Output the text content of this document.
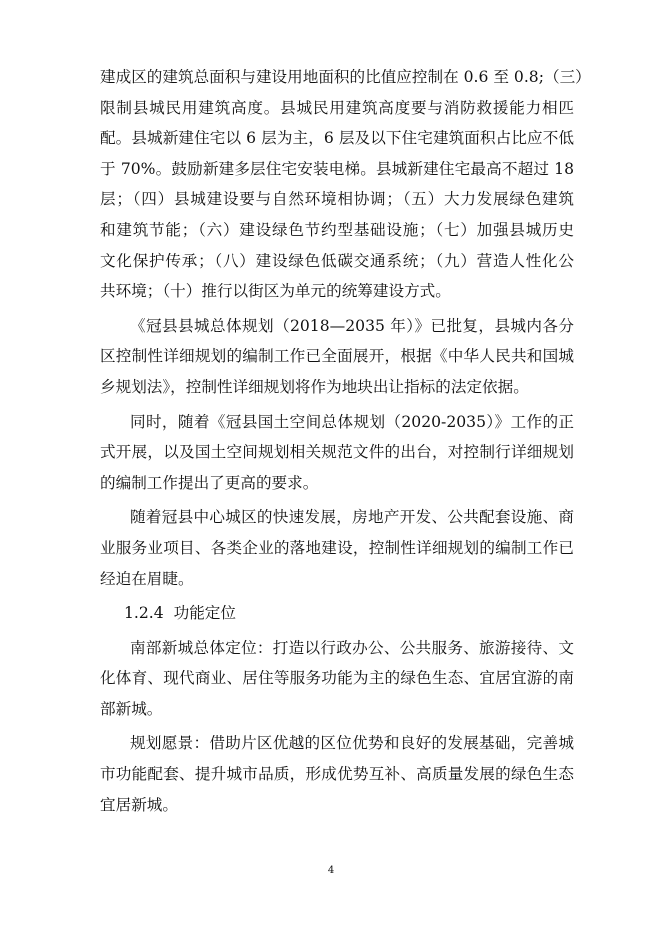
建成区的建筑总面积与建设用地面积的比值应控制在 0.6 至 0.8;（三）
限制县城民用建筑高度。县城民用建筑高度要与消防救援能力相匹
配。县城新建住宅以 6 层为主，6 层及以下住宅建筑面积占比应不低
于 70%。鼓励新建多层住宅安装电梯。县城新建住宅最高不超过 18
层；（四）县城建设要与自然环境相协调；（五）大力发展绿色建筑
和建筑节能；（六）建设绿色节约型基础设施；（七）加强县城历史
文化保护传承；（八）建设绿色低碳交通系统；（九）营造人性化公
共环境；（十）推行以街区为单元的统筹建设方式。
《冠县县城总体规划（2018—2035 年）》已批复，县城内各分
区控制性详细规划的编制工作已全面展开，根据《中华人民共和国城
乡规划法》，控制性详细规划将作为地块出让指标的法定依据。
同时，随着《冠县国土空间总体规划（2020-2035）》工作的正
式开展，以及国土空间规划相关规范文件的出台，对控制行详细规划
的编制工作提出了更高的要求。
随着冠县中心城区的快速发展，房地产开发、公共配套设施、商
业服务业项目、各类企业的落地建设，控制性详细规划的编制工作已
经迫在眉睫。
1.2.4 功能定位
南部新城总体定位：打造以行政办公、公共服务、旅游接待、文
化体育、现代商业、居住等服务功能为主的绿色生态、宜居宜游的南
部新城。
规划愿景：借助片区优越的区位优势和良好的发展基础，完善城
市功能配套、提升城市品质，形成优势互补、高质量发展的绿色生态
宜居新城。
4
